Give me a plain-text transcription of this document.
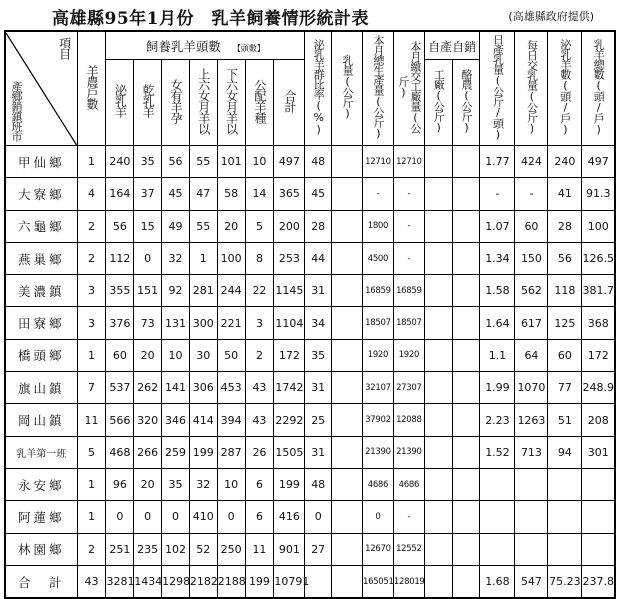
高雄縣95年1月份　乳羊飼養情形統計表	(高雄縣政府提供)
項目
產鄉銷鎮班市	羊農戶數	飼養乳羊頭數 【頭數】							泌乳羊群比率(%)	乳量(公斤)	本月總生產量(公斤)	本月繳交工廠量(公斤)	自產自銷		日產乳量(公斤/頭)	每日交乳量(公斤)	泌乳羊數(頭/戶)	乳羊總數(頭/戶)
		泌乳羊	乾乳羊	女有羊孕	上六女月羊以	下六女月羊以	公配羊種	合計					工廠(公斤)	酪農(公斤)				
甲仙鄉	1	240	35	56	55	101	10	497	48		12710	12710			1.77	424	240	497
大寮鄉	4	164	37	45	47	58	14	365	45		-	-			-	-	41	91.3
六龜鄉	2	56	15	49	55	20	5	200	28		1800	-			1.07	60	28	100
燕巢鄉	2	112	0	32	1	100	8	253	44		4500	-			1.34	150	56	126.5
美濃鎮	3	355	151	92	281	244	22	1145	31		16859	16859			1.58	562	118	381.7
田寮鄉	3	376	73	131	300	221	3	1104	34		18507	18507			1.64	617	125	368
橋頭鄉	1	60	20	10	30	50	2	172	35		1920	1920			1.1	64	60	172
旗山鎮	7	537	262	141	306	453	43	1742	31		32107	27307			1.99	1070	77	248.9
岡山鎮	11	566	320	346	414	394	43	2292	25		37902	12088			2.23	1263	51	208
乳羊第一班	5	468	266	259	199	287	26	1505	31		21390	21390			1.52	713	94	301
永安鄉	1	96	20	35	32	10	6	199	48		4686	4686						
阿蓮鄉	1	0	0	0	410	0	6	416	0		0	-						
林園鄉	2	251	235	102	52	250	11	901	27		12670	12552						
合　計	43	3281	1434	1298	2182	2188	199	10791			165051	128019			1.68	547	75.23	237.8
